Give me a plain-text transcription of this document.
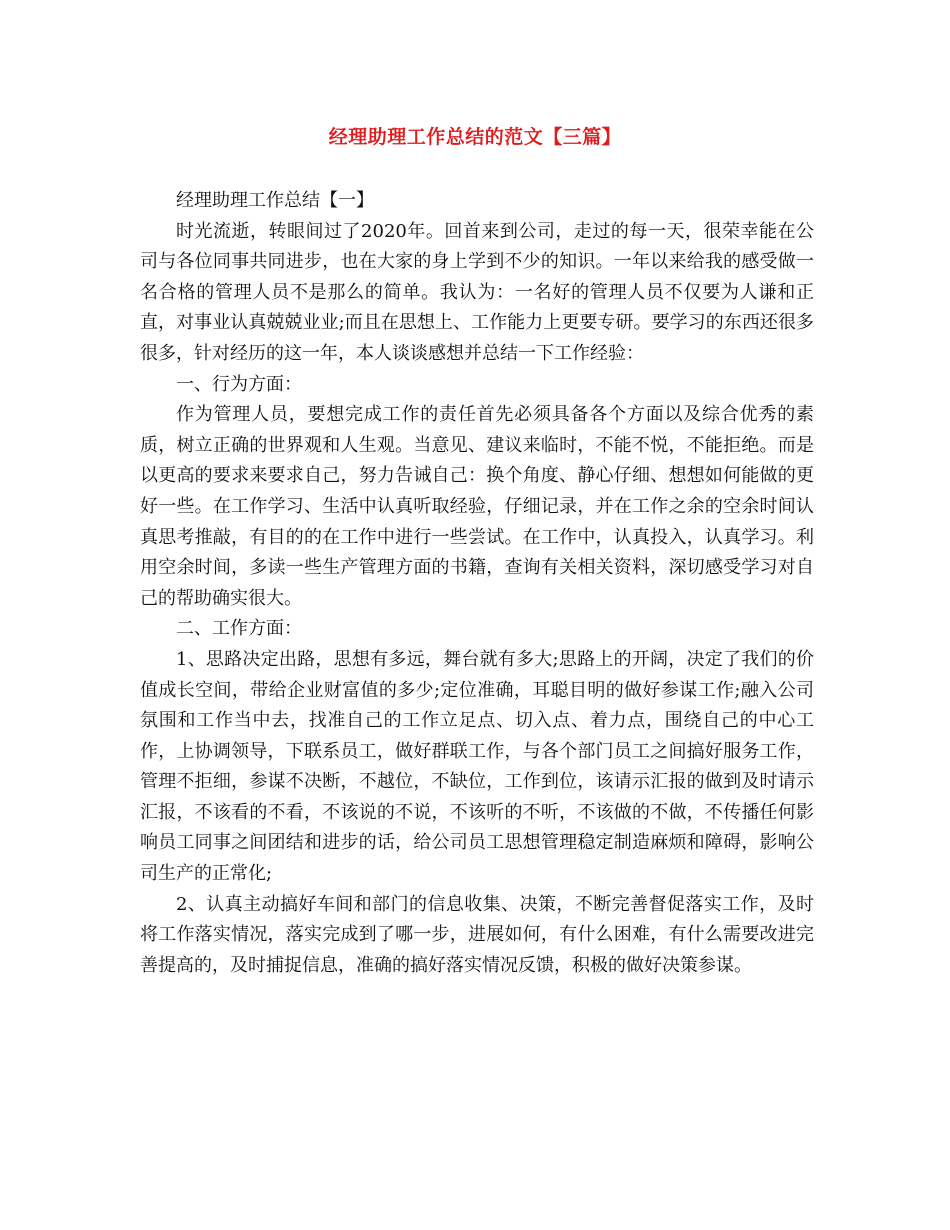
经理助理工作总结的范文【三篇】

经理助理工作总结【一】

时光流逝，转眼间过了2020年。回首来到公司，走过的每一天，很荣幸能在公司与各位同事共同进步，也在大家的身上学到不少的知识。一年以来给我的感受做一名合格的管理人员不是那么的简单。我认为：一名好的管理人员不仅要为人谦和正直，对事业认真兢兢业业;而且在思想上、工作能力上更要专研。要学习的东西还很多很多，针对经历的这一年，本人谈谈感想并总结一下工作经验：

一、行为方面：

作为管理人员，要想完成工作的责任首先必须具备各个方面以及综合优秀的素质，树立正确的世界观和人生观。当意见、建议来临时，不能不悦，不能拒绝。而是以更高的要求来要求自己，努力告诫自己：换个角度、静心仔细、想想如何能做的更好一些。在工作学习、生活中认真听取经验，仔细记录，并在工作之余的空余时间认真思考推敲，有目的的在工作中进行一些尝试。在工作中，认真投入，认真学习。利用空余时间，多读一些生产管理方面的书籍，查询有关相关资料，深切感受学习对自己的帮助确实很大。

二、工作方面：

1、思路决定出路，思想有多远，舞台就有多大;思路上的开阔，决定了我们的价值成长空间，带给企业财富值的多少;定位准确，耳聪目明的做好参谋工作;融入公司氛围和工作当中去，找准自己的工作立足点、切入点、着力点，围绕自己的中心工作，上协调领导，下联系员工，做好群联工作，与各个部门员工之间搞好服务工作，管理不拒细，参谋不决断，不越位，不缺位，工作到位，该请示汇报的做到及时请示汇报，不该看的不看，不该说的不说，不该听的不听，不该做的不做，不传播任何影响员工同事之间团结和进步的话，给公司员工思想管理稳定制造麻烦和障碍，影响公司生产的正常化;

2、认真主动搞好车间和部门的信息收集、决策，不断完善督促落实工作，及时将工作落实情况，落实完成到了哪一步，进展如何，有什么困难，有什么需要改进完善提高的，及时捕捉信息，准确的搞好落实情况反馈，积极的做好决策参谋。
